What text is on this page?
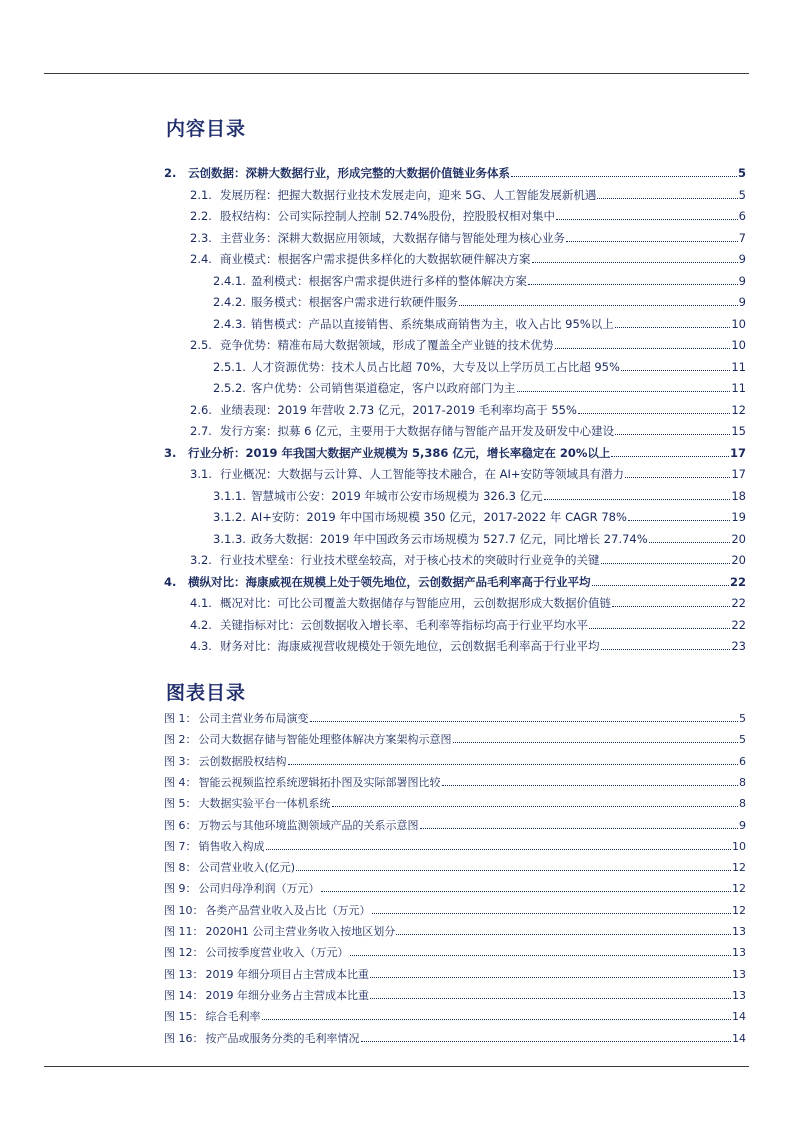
内容目录
2.	云创数据：深耕大数据行业，形成完整的大数据价值链业务体系	5
2.1. 发展历程：把握大数据行业技术发展走向，迎来 5G、人工智能发展新机遇	5
2.2. 股权结构：公司实际控制人控制 52.74%股份，控股股权相对集中	6
2.3. 主营业务：深耕大数据应用领域，大数据存储与智能处理为核心业务	7
2.4. 商业模式：根据客户需求提供多样化的大数据软硬件解决方案	9
2.4.1. 盈利模式：根据客户需求提供进行多样的整体解决方案	9
2.4.2. 服务模式：根据客户需求进行软硬件服务	9
2.4.3. 销售模式：产品以直接销售、系统集成商销售为主，收入占比 95%以上	10
2.5. 竞争优势：精准布局大数据领域，形成了覆盖全产业链的技术优势	10
2.5.1. 人才资源优势：技术人员占比超 70%，大专及以上学历员工占比超 95%	11
2.5.2. 客户优势：公司销售渠道稳定，客户以政府部门为主	11
2.6. 业绩表现：2019 年营收 2.73 亿元，2017-2019 毛利率均高于 55%	12
2.7. 发行方案：拟募 6 亿元，主要用于大数据存储与智能产品开发及研发中心建设	15
3.	行业分析：2019 年我国大数据产业规模为 5,386 亿元，增长率稳定在 20%以上	17
3.1. 行业概况：大数据与云计算、人工智能等技术融合，在 AI+安防等领域具有潜力	17
3.1.1. 智慧城市公安：2019 年城市公安市场规模为 326.3 亿元	18
3.1.2. AI+安防：2019 年中国市场规模 350 亿元，2017-2022 年 CAGR 78%	19
3.1.3. 政务大数据：2019 年中国政务云市场规模为 527.7 亿元，同比增长 27.74%	20
3.2. 行业技术壁垒：行业技术壁垒较高，对于核心技术的突破时行业竞争的关键	20
4.	横纵对比：海康威视在规模上处于领先地位，云创数据产品毛利率高于行业平均	22
4.1. 概况对比：可比公司覆盖大数据储存与智能应用，云创数据形成大数据价值链	22
4.2. 关键指标对比：云创数据收入增长率、毛利率等指标均高于行业平均水平	22
4.3. 财务对比：海康威视营收规模处于领先地位，云创数据毛利率高于行业平均	23
图表目录
图 1： 公司主营业务布局演变	5
图 2： 公司大数据存储与智能处理整体解决方案架构示意图	5
图 3： 云创数据股权结构	6
图 4： 智能云视频监控系统逻辑拓扑图及实际部署图比较	8
图 5： 大数据实验平台一体机系统	8
图 6： 万物云与其他环境监测领域产品的关系示意图	9
图 7： 销售收入构成	10
图 8： 公司营业收入(亿元)	12
图 9： 公司归母净利润（万元）	12
图 10： 各类产品营业收入及占比（万元）	12
图 11： 2020H1 公司主营业务收入按地区划分	13
图 12： 公司按季度营业收入（万元）	13
图 13： 2019 年细分项目占主营成本比重	13
图 14： 2019 年细分业务占主营成本比重	13
图 15： 综合毛利率	14
图 16： 按产品或服务分类的毛利率情况	14
